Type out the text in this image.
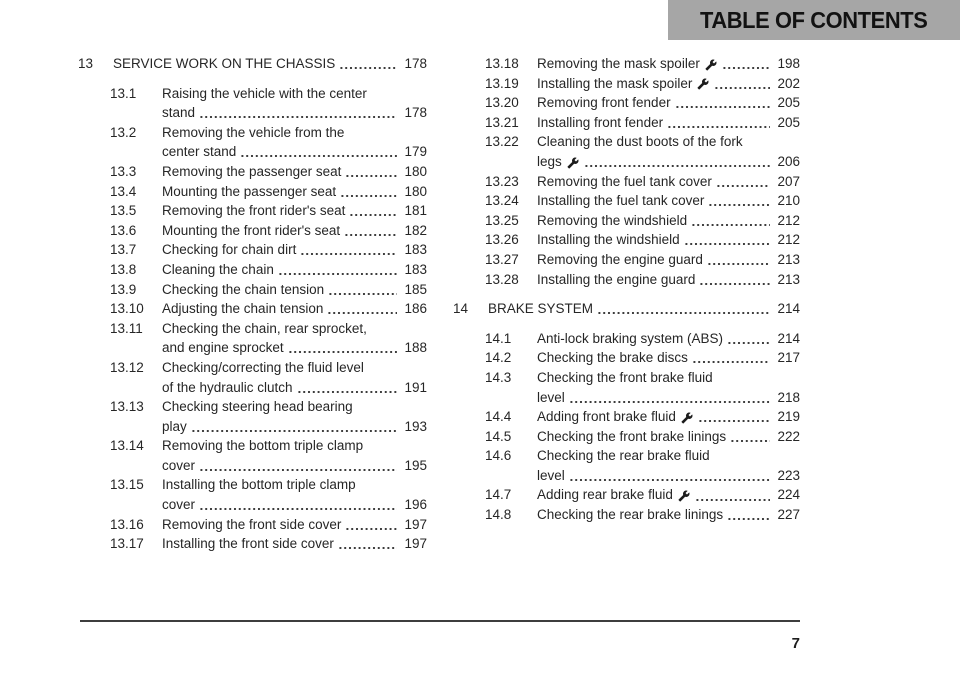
TABLE OF CONTENTS
13	SERVICE WORK ON THE CHASSIS	178
13.1	Raising the vehicle with the center
stand	178
13.2	Removing the vehicle from the
center stand	179
13.3	Removing the passenger seat	180
13.4	Mounting the passenger seat	180
13.5	Removing the front rider's seat	181
13.6	Mounting the front rider's seat	182
13.7	Checking for chain dirt	183
13.8	Cleaning the chain	183
13.9	Checking the chain tension	185
13.10	Adjusting the chain tension	186
13.11	Checking the chain, rear sprocket,
and engine sprocket	188
13.12	Checking/correcting the fluid level
of the hydraulic clutch	191
13.13	Checking steering head bearing
play	193
13.14	Removing the bottom triple clamp
cover	195
13.15	Installing the bottom triple clamp
cover	196
13.16	Removing the front side cover	197
13.17	Installing the front side cover	197
13.18	Removing the mask spoiler	198
13.19	Installing the mask spoiler	202
13.20	Removing front fender	205
13.21	Installing front fender	205
13.22	Cleaning the dust boots of the fork
legs	206
13.23	Removing the fuel tank cover	207
13.24	Installing the fuel tank cover	210
13.25	Removing the windshield	212
13.26	Installing the windshield	212
13.27	Removing the engine guard	213
13.28	Installing the engine guard	213
14	BRAKE SYSTEM	214
14.1	Anti-lock braking system (ABS)	214
14.2	Checking the brake discs	217
14.3	Checking the front brake fluid
level	218
14.4	Adding front brake fluid	219
14.5	Checking the front brake linings	222
14.6	Checking the rear brake fluid
level	223
14.7	Adding rear brake fluid	224
14.8	Checking the rear brake linings	227
7
